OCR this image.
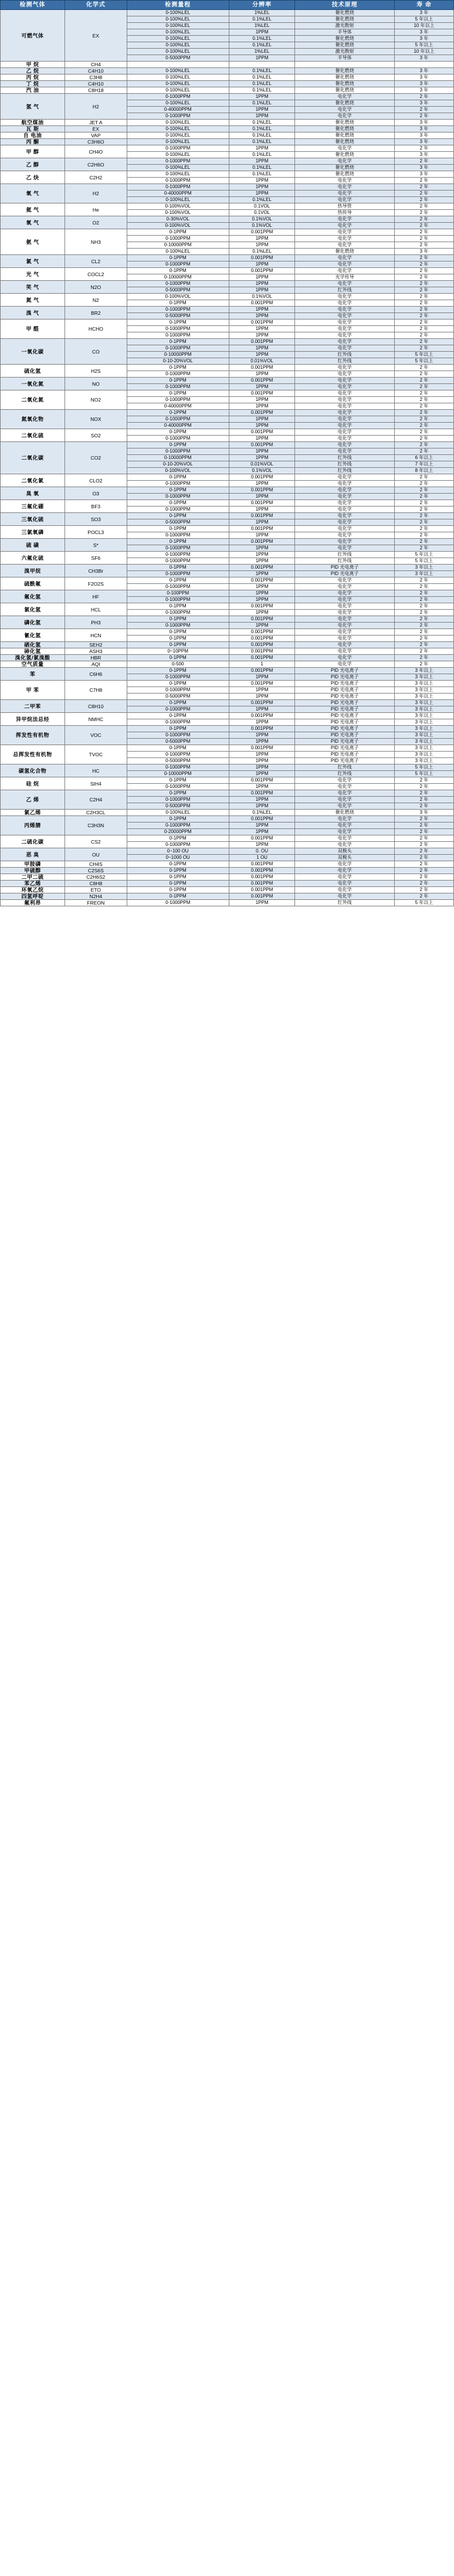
检测气体	化学式	检测量程	分辨率	技术原理	寿 命
可燃气体	EX	0-100%LEL	1%LEL	催化燃烧	3 年
		0-100%LEL	0.1%LEL	催化燃烧	5 年以上
		0-100%LEL	1%LEL	激光散射	10 年以上
		0-100%LEL	1PPM	半导体	3 年
		0-100%LEL	0.1%LEL	催化燃烧	3 年
		0-100%LEL	0.1%LEL	催化燃烧	5 年以上
		0-100%LEL	1%LEL	激光散射	10 年以上
		0-5000PPM	1PPM	半导体	3 年
甲 烷	CH4				
乙 烷	C4H10	0-100%LEL	0.1%LEL	催化燃烧	3 年
丙 烷	C3H8	0-100%LEL	0.1%LEL	催化燃烧	3 年
丁 烷	C4H10	0-100%LEL	0.1%LEL	催化燃烧	3 年
汽 油	C8H18	0-100%LEL	0.1%LEL	催化燃烧	3 年
氢 气	H2	0-1000PPM	1PPM	电化学	2 年
		0-100%LEL	0.1%LEL	催化燃烧	3 年
		0-40000PPM	1PPM	电化学	2 年
		0-1000PPM	1PPM	电化学	2 年
航空煤油	JET A	0-100%LEL	0.1%LEL	催化燃烧	3 年
瓦 斯	EX	0-100%LEL	0.1%LEL	催化燃烧	3 年
自 电油	VAP	0-100%LEL	0.1%LEL	催化燃烧	3 年
丙 酮	C3H6O	0-100%LEL	0.1%LEL	催化燃烧	3 年
甲 醇	CH4O	0-1000PPM	1PPM	电化学	2 年
		0-100%LEL	0.1%LEL	催化燃烧	3 年
乙 醇	C2H6O	0-1000PPM	1PPM	电化学	2 年
		0-100%LEL	0.1%LEL	催化燃烧	3 年
乙 炔	C2H2	0-100%LEL	0.1%LEL	催化燃烧	3 年
		0-1000PPM	1PPM	电化学	2 年
氧 气	H2	0-1000PPM	1PPM	电化学	2 年
		0-40000PPM	1PPM	电化学	2 年
		0-100%LEL	0.1%LEL	电化学	2 年
氦 气	He	0-100%VOL	0.1VOL	热导管	2 年
		0-100%VOL	0.1VOL	热传导	2 年
氧 气	O2	0-30%VOL	0.1%VOL	电化学	2 年
		0-100%VOL	0.1%VOL	电化学	2 年
氨 气	NH3	0-1PPM	0.001PPM	电化学	2 年
		0-1000PPM	1PPM	电化学	2 年
		0-10000PPM	1PPM	电化学	2 年
		0-100%LEL	0.1%LEL	催化燃烧	3 年
氯 气	CL2	0-1PPM	0.001PPM	电化学	2 年
		0-1000PPM	1PPM	电化学	2 年
光 气	COCL2	0-1PPM	0.001PPM	电化学	2 年
		0-10000PPM	1PPM	光学传导	2 年
笑 气	N2O	0-1000PPM	1PPM	电化学	2 年
		0-5000PPM	1PPM	红外线	2 年
氮 气	N2	0-100%VOL	0.1%VOL	电化学	2 年
		0-1PPM	0.001PPM	电化学	2 年
溴 气	BR2	0-1000PPM	1PPM	电化学	2 年
		0-5000PPM	1PPM	电化学	2 年
甲 醛	HCHO	0-1PPM	0.001PPM	电化学	2 年
		0-1000PPM	1PPM	电化学	2 年
		0-1000PPM	1PPM	电化学	2 年
一氧化碳	CO	0-1PPM	0.001PPM	电化学	2 年
		0-1000PPM	1PPM	电化学	2 年
		0-10000PPM	1PPM	红外线	5 年以上
		0-10-20%VOL	0.01%VOL	红外线	5 年以上
硫化氢	H2S	0-1PPM	0.001PPM	电化学	2 年
		0-1000PPM	1PPM	电化学	2 年
一氧化氮	NO	0-1PPM	0.001PPM	电化学	2 年
		0-1000PPM	1PPM	电化学	2 年
二氧化氮	NO2	0-1PPM	0.001PPM	电化学	2 年
		0-1000PPM	1PPM	电化学	2 年
		0-40000PPM	1PPM	电化学	2 年
氮氧化物	NOX	0-1PPM	0.001PPM	电化学	2 年
		0-1000PPM	1PPM	电化学	2 年
		0-40000PPM	1PPM	电化学	2 年
二氧化硫	SO2	0-1PPM	0.001PPM	电化学	2 年
		0-1000PPM	1PPM	电化学	2 年
二氧化碳	CO2	0-1PPM	0.001PPM	电化学	2 年
		0-1000PPM	1PPM	电化学	2 年
		0-10000PPM	1PPM	红外线	6 年以上
		0-10-20%VOL	0.01%VOL	红外线	7 年以上
		0-100%VOL	0.1%VOL	红外线	8 年以上
二氧化氯	CLO2	0-1PPM	0.001PPM	电化学	2 年
		0-1000PPM	1PPM	电化学	2 年
臭 氧	O3	0-1PPM	0.001PPM	电化学	2 年
		0-1000PPM	1PPM	电化学	2 年
三氟化硼	BF3	0-1PPM	0.001PPM	电化学	2 年
		0-1000PPM	1PPM	电化学	2 年
三氧化硫	SO3	0-1PPM	0.001PPM	电化学	2 年
		0-5000PPM	1PPM	电化学	2 年
三氯氧磷	POCL3	0-1PPM	0.001PPM	电化学	2 年
		0-1000PPM	1PPM	电化学	2 年
硫 磺	S*	0-1PPM	0.001PPM	电化学	2 年
		0-1000PPM	1PPM	电化学	2 年
六氟化硫	SF6	0-1000PPM	1PPM	红外线	5 年以上
		0-1000PPM	1PPM	红外线	5 年以上
溴甲烷	CH3Br	0-1PPM	0.001PPM	PID 光电离子	3 年以上
		0-1000PPM	1PPM	PID 光电离子	3 年以上
硫酰氟	F2O2S	0-1PPM	0.001PPM	电化学	2 年
		0-1000PPM	1PPM	电化学	2 年
氟化氢	HF	0-100PPM	1PPM	电化学	2 年
		0-1000PPM	1PPM	电化学	2 年
氯化氢	HCL	0-1PPM	0.001PPM	电化学	2 年
		0-1000PPM	1PPM	电化学	2 年
磷化氢	PH3	0-1PPM	0.001PPM	电化学	2 年
		0-1000PPM	1PPM	电化学	2 年
氰化氢	HCN	0-1PPM	0.001PPM	电化学	2 年
		0-1PPM	0.001PPM	电化学	2 年
硒化氢	SEH2	0-1PPM	0.001PPM	电化学	2 年
砷化氢	ASH3	0~10PPM	0.001PPM	电化学	2 年
溴化氢/氯溴酸	HBR	0-1PPM	0.001PPM	电化学	2 年
空气质量	AQI	0-500	1	电化学	2 年
苯	C6H6	0-1PPM	0.001PPM	PID 光电离子	3 年以上
		0-1000PPM	1PPM	PID 光电离子	3 年以上
甲 苯	C7H8	0-1PPM	0.001PPM	PID 光电离子	3 年以上
		0-1000PPM	1PPM	PID 光电离子	3 年以上
		0-5000PPM	1PPM	PID 光电离子	3 年以上
二甲苯	C8H10	0-1PPM	0.001PPM	PID 光电离子	3 年以上
		0-1000PPM	1PPM	PID 光电离子	3 年以上
异甲烷法总烃	NMHC	0-1PPM	0.001PPM	PID 光电离子	3 年以上
		0-1000PPM	1PPM	PID 光电离子	3 年以上
挥发性有机物	VOC	0-1PPM	0.001PPM	PID 光电离子	3 年以上
		0-1000PPM	1PPM	PID 光电离子	3 年以上
		0-5000PPM	1PPM	PID 光电离子	3 年以上
总挥发性有机物	TVOC	0-1PPM	0.001PPM	PID 光电离子	3 年以上
		0-1000PPM	1PPM	PID 光电离子	3 年以上
		0-5000PPM	1PPM	PID 光电离子	3 年以上
碳氢化合物	HC	0-1000PPM	1PPM	红外线	5 年以上
		0-10000PPM	1PPM	红外线	5 年以上
硅 烷	SIH4	0-1PPM	0.001PPM	电化学	2 年
		0-1000PPM	1PPM	电化学	2 年
乙 烯	C2H4	0-1PPM	0.001PPM	电化学	2 年
		0-1000PPM	1PPM	电化学	2 年
		0-5000PPM	1PPM	电化学	2 年
氯乙烯	C2H3CL	0-100%LEL	0.1%LEL	催化燃烧	3 年
丙烯腈	C3H3N	0-1PPM	0.001PPM	电化学	2 年
		0-1000PPM	1PPM	电化学	2 年
		0-20000PPM	1PPM	电化学	2 年
二硫化碳	CS2	0-1PPM	0.001PPM	电化学	2 年
		0-1000PPM	1PPM	电化学	2 年
恶 臭	OU	0~100 OU	0. OU	双极头	2 年
		0~1000 OU	1 OU	双极头	2 年
甲胺磷	CH4S	0-1PPM	0.001PPM	电化学	2 年
甲硫醇	C2S6S	0-1PPM	0.001PPM	电化学	2 年
二甲二硫	C2H6S2	0-1PPM	0.001PPM	电化学	2 年
苯乙烯	C8H8	0-1PPM	0.001PPM	电化学	2 年
环氧乙烷	ETO	0-1PPM	0.001PPM	电化学	2 年
四氢呼啶	N2H4	0-1PPM	0.001PPM	电化学	2 年
氟利昂	FREON	0-1000PPM	1PPM	红外线	5 年以上
